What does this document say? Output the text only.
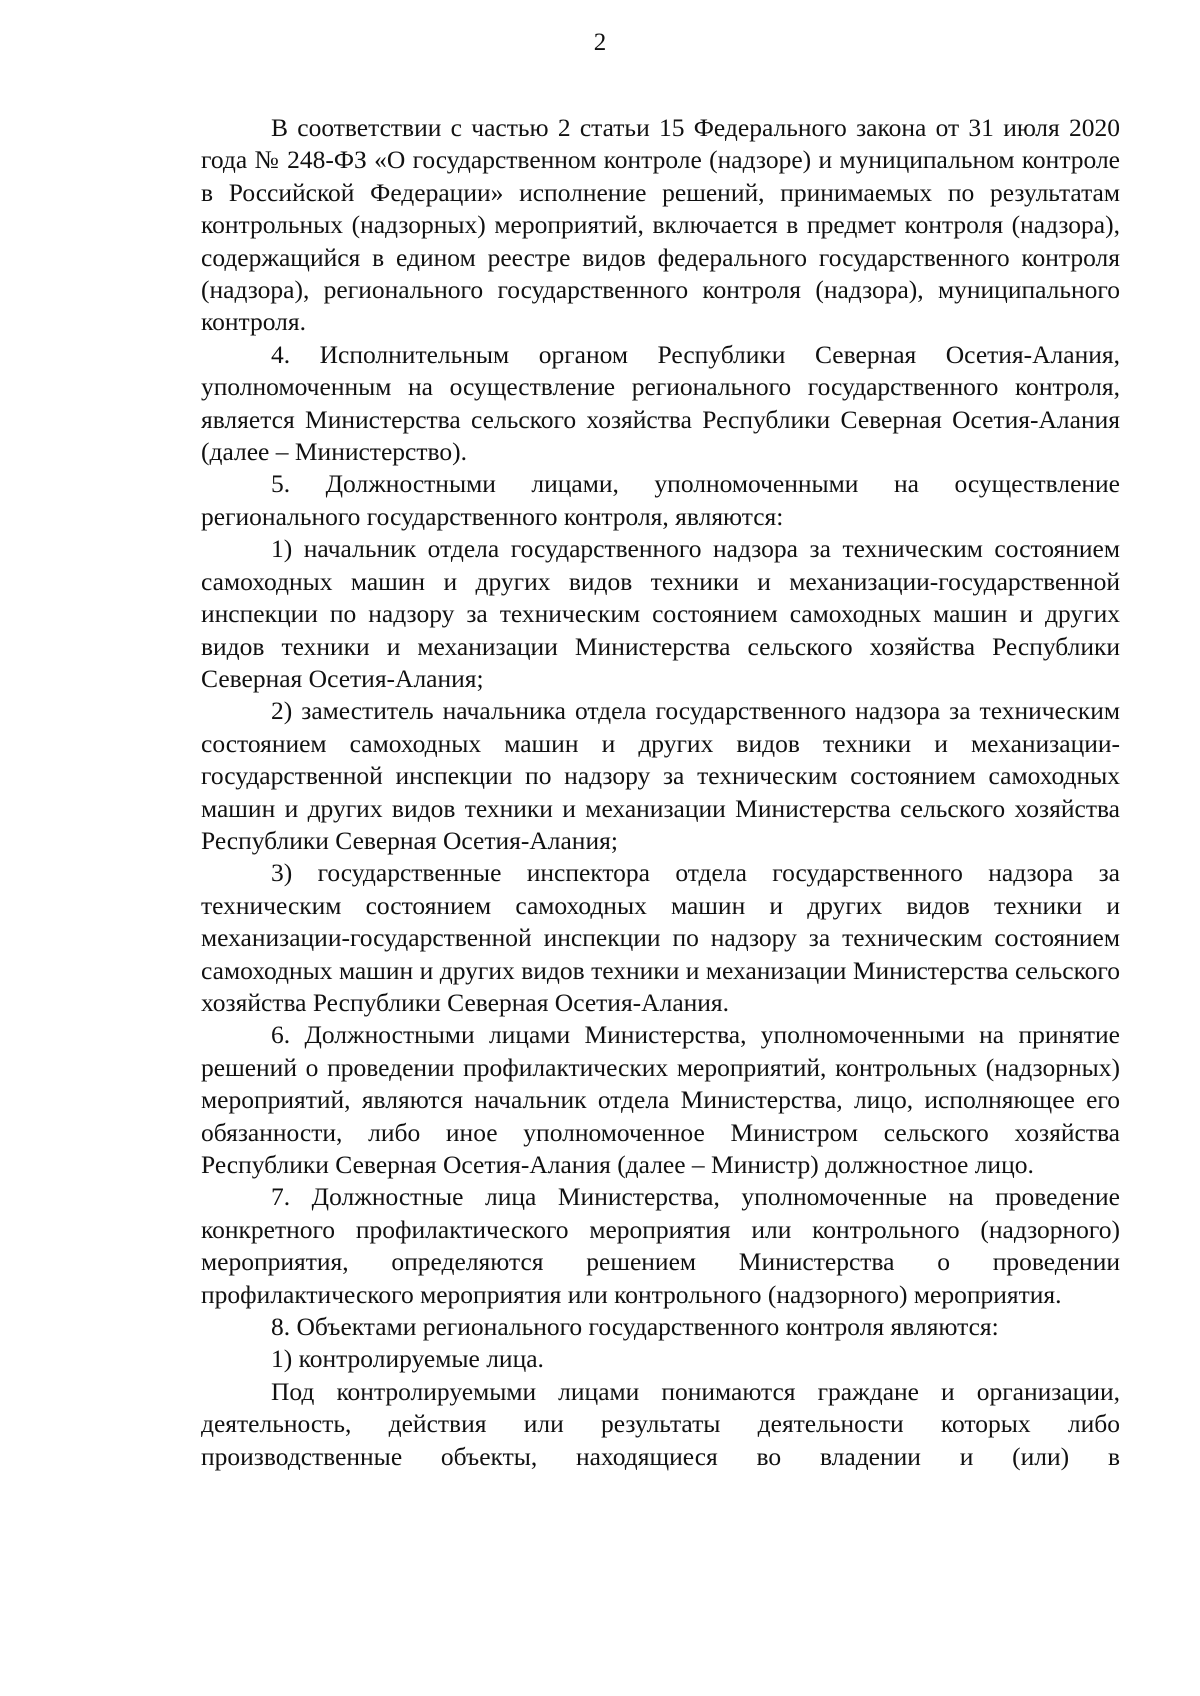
2

В соответствии с частью 2 статьи 15 Федерального закона от 31 июля 2020 года № 248-ФЗ «О государственном контроле (надзоре) и муниципальном контроле в Российской Федерации» исполнение решений, принимаемых по результатам контрольных (надзорных) мероприятий, включается в предмет контроля (надзора), содержащийся в едином реестре видов федерального государственного контроля (надзора), регионального государственного контроля (надзора), муниципального контроля.

4. Исполнительным органом Республики Северная Осетия-Алания, уполномоченным на осуществление регионального государственного контроля, является Министерства сельского хозяйства Республики Северная Осетия-Алания (далее – Министерство).

5. Должностными лицами, уполномоченными на осуществление регионального государственного контроля, являются:

1) начальник отдела государственного надзора за техническим состоянием самоходных машин и других видов техники и механизации-государственной инспекции по надзору за техническим состоянием самоходных машин и других видов техники и механизации Министерства сельского хозяйства Республики Северная Осетия-Алания;

2) заместитель начальника отдела государственного надзора за техническим состоянием самоходных машин и других видов техники и механизации-государственной инспекции по надзору за техническим состоянием самоходных машин и других видов техники и механизации Министерства сельского хозяйства Республики Северная Осетия-Алания;

3) государственные инспектора отдела государственного надзора за техническим состоянием самоходных машин и других видов техники и механизации-государственной инспекции по надзору за техническим состоянием самоходных машин и других видов техники и механизации Министерства сельского хозяйства Республики Северная Осетия-Алания.

6. Должностными лицами Министерства, уполномоченными на принятие решений о проведении профилактических мероприятий, контрольных (надзорных) мероприятий, являются начальник отдела Министерства, лицо, исполняющее его обязанности, либо иное уполномоченное Министром сельского хозяйства Республики Северная Осетия-Алания (далее – Министр) должностное лицо.

7. Должностные лица Министерства, уполномоченные на проведение конкретного профилактического мероприятия или контрольного (надзорного) мероприятия, определяются решением Министерства о проведении профилактического мероприятия или контрольного (надзорного) мероприятия.

8. Объектами регионального государственного контроля являются:

1) контролируемые лица.

Под контролируемыми лицами понимаются граждане и организации, деятельность, действия или результаты деятельности которых либо производственные объекты, находящиеся во владении и (или) в
